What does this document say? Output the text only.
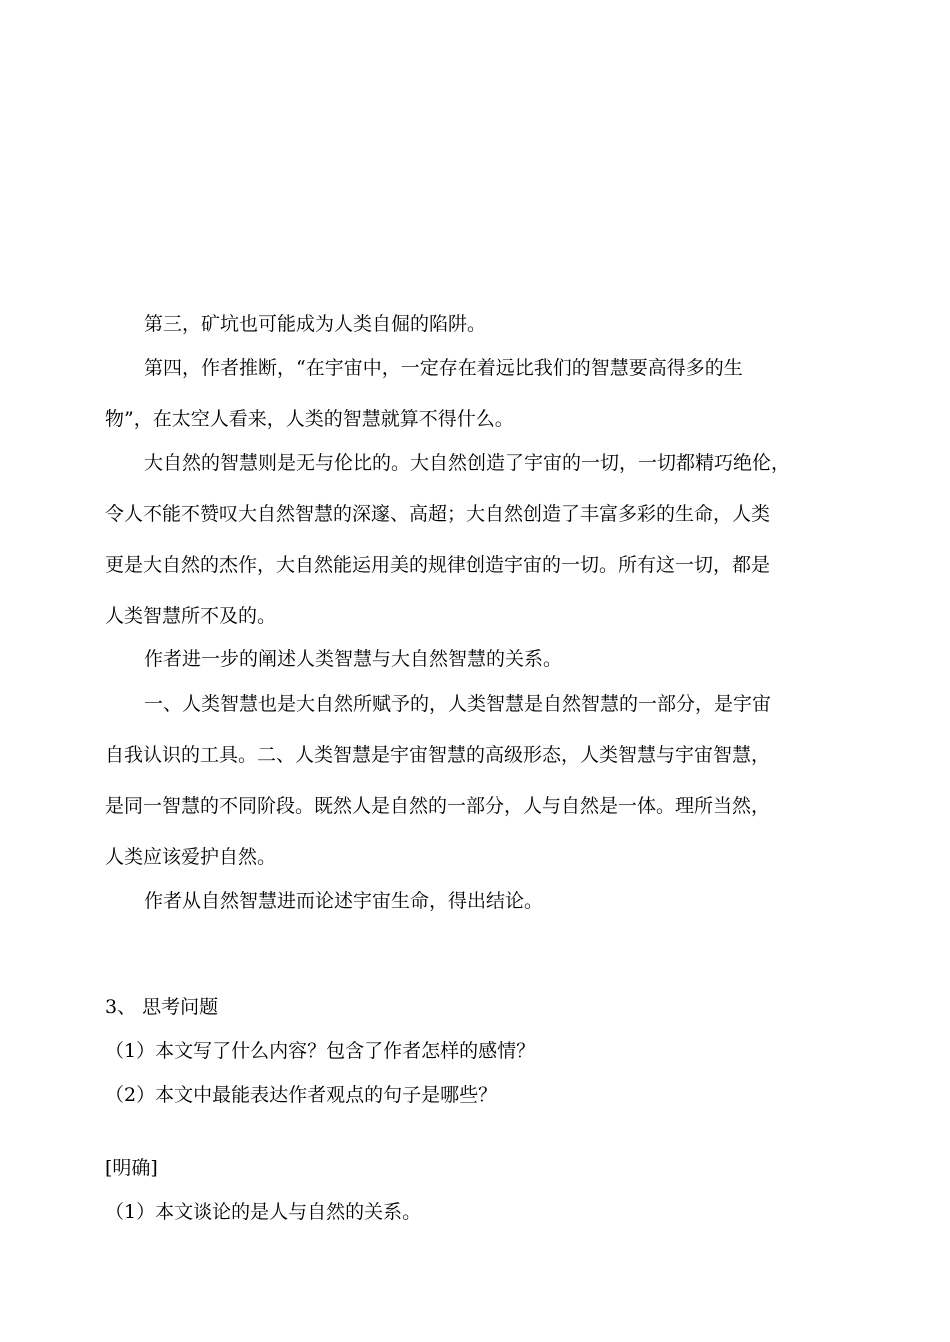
第三，矿坑也可能成为人类自倔的陷阱。

第四，作者推断，“在宇宙中，一定存在着远比我们的智慧要高得多的生

物”，在太空人看来，人类的智慧就算不得什么。

大自然的智慧则是无与伦比的。大自然创造了宇宙的一切，一切都精巧绝伦，

令人不能不赞叹大自然智慧的深邃、高超；大自然创造了丰富多彩的生命，人类

更是大自然的杰作，大自然能运用美的规律创造宇宙的一切。所有这一切，都是

人类智慧所不及的。

作者进一步的阐述人类智慧与大自然智慧的关系。

一、人类智慧也是大自然所赋予的，人类智慧是自然智慧的一部分，是宇宙

自我认识的工具。二、人类智慧是宇宙智慧的高级形态，人类智慧与宇宙智慧，

是同一智慧的不同阶段。既然人是自然的一部分，人与自然是一体。理所当然，

人类应该爱护自然。

作者从自然智慧进而论述宇宙生命，得出结论。

3、 思考问题

（1）本文写了什么内容？包含了作者怎样的感情？

（2）本文中最能表达作者观点的句子是哪些？

[明确]

（1）本文谈论的是人与自然的关系。
